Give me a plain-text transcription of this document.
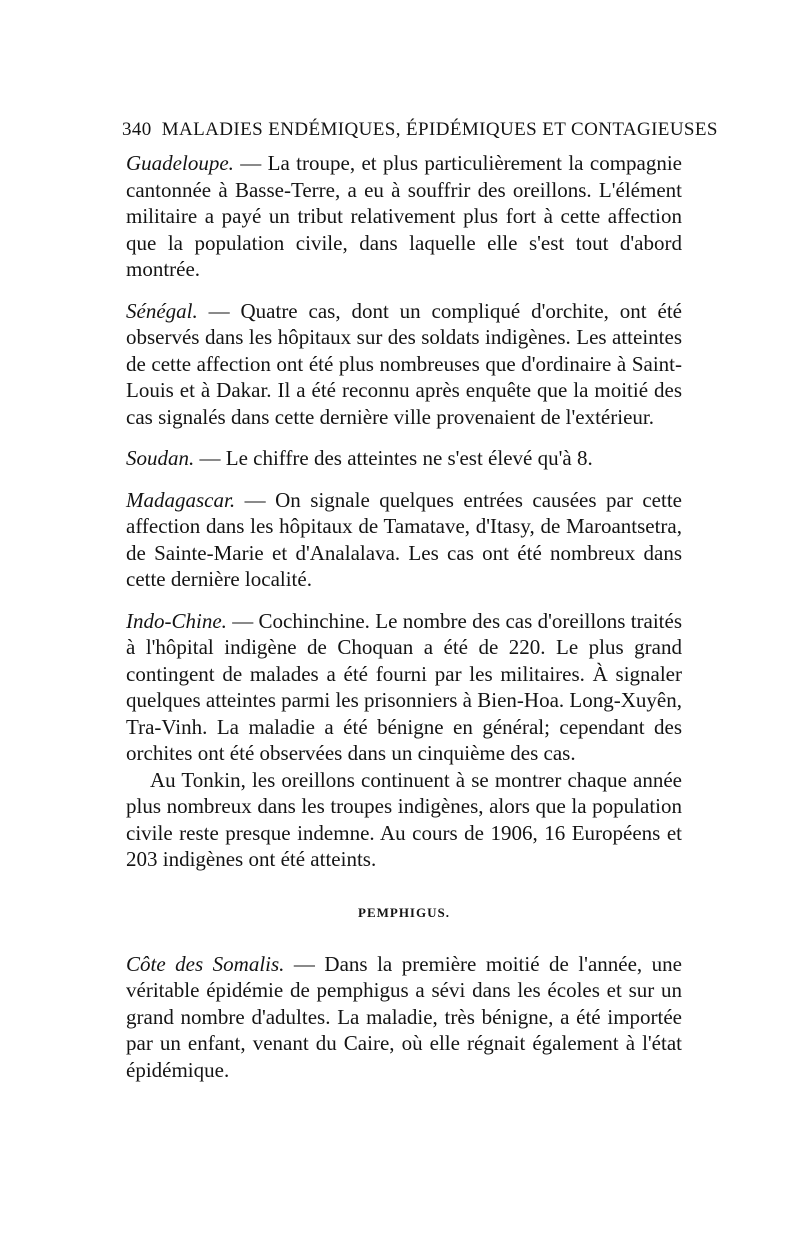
340 MALADIES ENDÉMIQUES, ÉPIDÉMIQUES ET CONTAGIEUSES

Guadeloupe. — La troupe, et plus particulièrement la compagnie cantonnée à Basse-Terre, a eu à souffrir des oreillons. L'élément militaire a payé un tribut relativement plus fort à cette affection que la population civile, dans laquelle elle s'est tout d'abord montrée.

Sénégal. — Quatre cas, dont un compliqué d'orchite, ont été observés dans les hôpitaux sur des soldats indigènes. Les atteintes de cette affection ont été plus nombreuses que d'ordinaire à Saint-Louis et à Dakar. Il a été reconnu après enquête que la moitié des cas signalés dans cette dernière ville provenaient de l'extérieur.

Soudan. — Le chiffre des atteintes ne s'est élevé qu'à 8.

Madagascar. — On signale quelques entrées causées par cette affection dans les hôpitaux de Tamatave, d'Itasy, de Maroantsetra, de Sainte-Marie et d'Analalava. Les cas ont été nombreux dans cette dernière localité.

Indo-Chine. — Cochinchine. Le nombre des cas d'oreillons traités à l'hôpital indigène de Choquan a été de 220. Le plus grand contingent de malades a été fourni par les militaires. À signaler quelques atteintes parmi les prisonniers à Bien-Hoa. Long-Xuyên, Tra-Vinh. La maladie a été bénigne en général; cependant des orchites ont été observées dans un cinquième des cas.

Au Tonkin, les oreillons continuent à se montrer chaque année plus nombreux dans les troupes indigènes, alors que la population civile reste presque indemne. Au cours de 1906, 16 Européens et 203 indigènes ont été atteints.

PEMPHIGUS.

Côte des Somalis. — Dans la première moitié de l'année, une véritable épidémie de pemphigus a sévi dans les écoles et sur un grand nombre d'adultes. La maladie, très bénigne, a été importée par un enfant, venant du Caire, où elle régnait également à l'état épidémique.
